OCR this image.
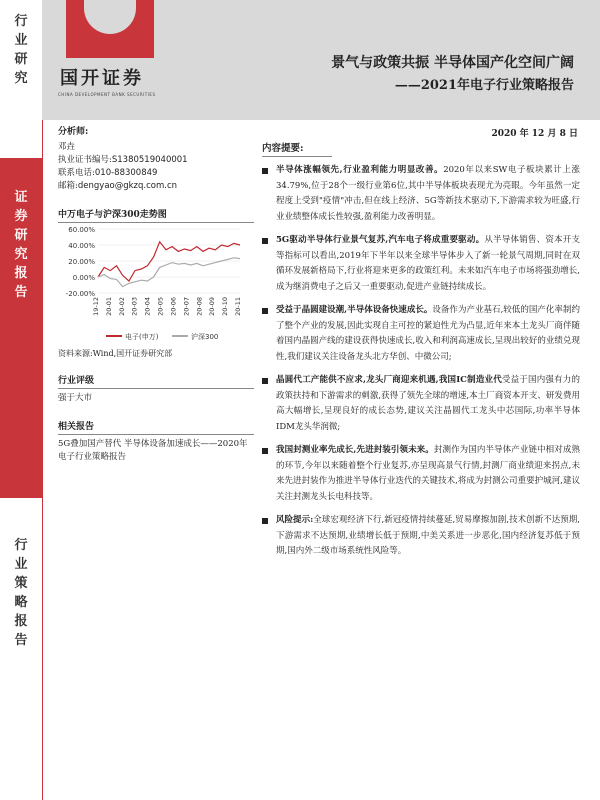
行业研究
证券研究报告
行业策略报告
国开证券
CHINA DEVELOPMENT BANK SECURITIES
景气与政策共振 半导体国产化空间广阔
——2021年电子行业策略报告
2020 年 12 月 8 日
分析师:
邓垚
执业证书编号:S1380519040001
联系电话:010-88300849
邮箱:dengyao@gkzq.com.cn
中万电子与沪深300走势图
60.00%
40.00%
20.00%
0.00%
-20.00%
19-12 20-01 20-02 20-03 20-04 20-05 20-06 20-07 20-08 20-09 20-10 20-11
电子(申万)	沪深300
资料来源:Wind,国开证券研究部
行业评级
强于大市
相关报告
5G叠加国产替代 半导体设备加速成长——2020年电子行业策略报告
内容提要:
半导体涨幅领先,行业盈利能力明显改善。2020年以来SW电子板块累计上涨34.79%,位于28个一级行业第6位,其中半导体板块表现尤为亮眼。今年虽然一定程度上受到"疫情"冲击,但在线上经济、5G等新技术驱动下,下游需求较为旺盛,行业业绩整体成长性较强,盈利能力改善明显。
5G驱动半导体行业景气复苏,汽车电子将成重要驱动。从半导体销售、资本开支等指标可以看出,2019年下半年以来全球半导体步入了新一轮景气周期,同时在双循环发展新格局下,行业将迎来更多的政策红利。未来如汽车电子市场将强劲增长,成为继消费电子之后又一重要驱动,促进产业链持续成长。
受益于晶圆建设潮,半导体设备快速成长。设备作为产业基石,较低的国产化率制约了整个产业的发展,因此实现自主可控的紧迫性尤为凸显,近年来本土龙头厂商伴随着国内晶圆产线的建设获得快速成长,收入和利润高速成长,呈现出较好的业绩兑现性,我们建议关注设备龙头北方华创、中微公司;
晶圆代工产能供不应求,龙头厂商迎来机遇,我国IC制造业代受益于国内强有力的政策扶持和下游需求的刺激,获得了领先全球的增速,本土厂商资本开支、研发费用高大幅增长,呈现良好的成长态势,建议关注晶圆代工龙头中芯国际,功率半导体IDM龙头华润微;
我国封测业率先成长,先进封装引领未来。封测作为国内半导体产业链中相对成熟的环节,今年以来随着整个行业复苏,亦呈现高景气行情,封测厂商业绩迎来拐点,未来先进封装作为推进半导体行业迭代的关键技术,将成为封测公司重要护城河,建议关注封测龙头长电科技等。
风险提示:全球宏观经济下行,新冠疫情持续蔓延,贸易摩擦加剧,技术创新不达预期,下游需求不达预期,业绩增长低于预期,中美关系进一步恶化,国内经济复苏低于预期,国内外二级市场系统性风险等。
